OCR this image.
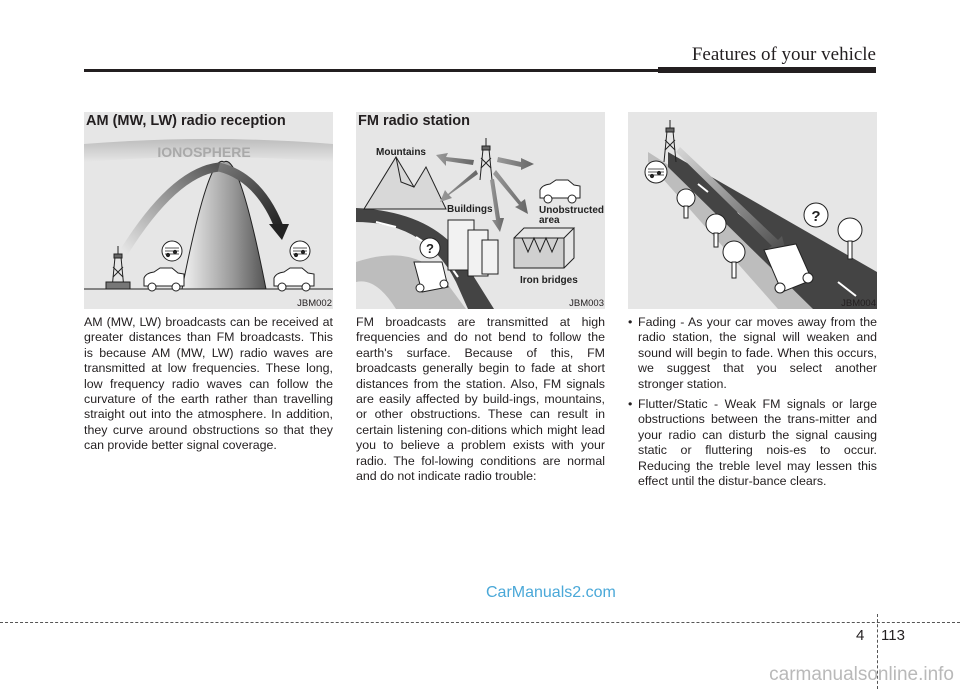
Features of your vehicle
IONOSPHERE
AM (MW, LW) radio reception
JBM002
AM (MW, LW) broadcasts can be received at greater distances than FM broadcasts. This is because AM (MW, LW) radio waves are transmitted at low frequencies. These long, low frequency radio waves can follow the curvature of the earth rather than travelling straight out into the atmosphere. In addition, they curve around obstructions so that they can provide better signal coverage.
Mountains
Buildings	Unobstructed
area
Iron bridges
?
FM radio station
JBM003
FM broadcasts are transmitted at high frequencies and do not bend to follow the earth's surface. Because of this, FM broadcasts generally begin to fade at short distances from the station. Also, FM signals are easily affected by build-ings, mountains, or other obstructions. These can result in certain listening con-ditions which might lead you to believe a problem exists with your radio. The fol-lowing conditions are normal and do not indicate radio trouble:
?
JBM004
• Fading - As your car moves away from the radio station, the signal will weaken and sound will begin to fade. When this occurs, we suggest that you select another stronger station.
• Flutter/Static - Weak FM signals or large obstructions between the trans-mitter and your radio can disturb the signal causing static or fluttering nois-es to occur. Reducing the treble level may lessen this effect until the distur-bance clears.
CarManuals2.com
4 113
carmanualsonline.info
